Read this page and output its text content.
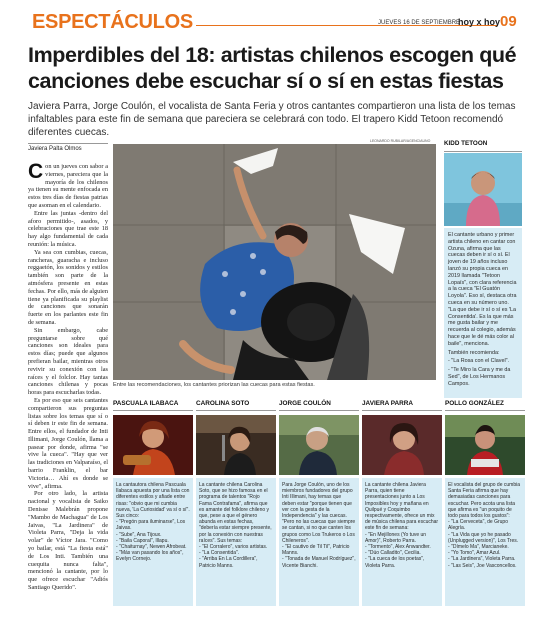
ESPECTÁCULOS	JUEVES 16 DE SEPTIEMBRE
hoy x hoy 09
Imperdibles del 18: artistas chilenos escogen qué
canciones debe escuchar sí o sí en estas fiestas
Javiera Parra, Jorge Coulón, el vocalista de Santa Feria y otros cantantes compartieron una lista de los temas infaltables para este fin de semana que pareciera se celebrará con todo. El trapero Kidd Tetoon recomendó diferentes cuecas.
Javiera Palta Olmos

Con un jueves con sabor a viernes, pareciera que la mayoría de los chilenos ya tienen su mente enfocada en estos tres días de fiestas patrias que asoman en el calendario.

Entre las juntas -dentro del aforo permitido-, asados, y celebraciones que trae este 18 hay algo fundamental de cada reunión: la música.

Ya sea con cumbias, cuecas, rancheras, guaracha e incluso reggaetón, los sonidos y estilos también son parte de la atmósfera presente en estas fechas. Por ello, más de alguien tiene ya planificada su playlist de canciones que sonarán fuerte en los parlantes este fin de semana.

Sin embargo, cabe preguntarse sobre qué canciones son ideales para estos días; puede que algunos prefieran bailar, mientras otros revivir su conexión con las raíces y el folclor. Hay tantas canciones chilenas y pocas horas para escucharlas todas.

Es por eso que seis cantantes compartieron sus preguntas listas sobre los temas que sí o sí deben ir este fin de semana. Entre ellos, el fundador de Inti Illimani, Jorge Coulón, llama a pasear por donde, afirma "se vive la cueca". "Hay que ver las tradiciones en Valparaíso, el barrio Franklin, el bar Victoria… Ahí es donde se vive", afirma.

Por otro lado, la artista nacional y vocalista de Saiko Denisse Malebrán propone "Mambo de Machagua" de Los Jaivas, "La Jardinera" de Violeta Parra, "Deja la vida volar" de Víctor Jara. "Como yo bailar, está "La fiesta está" de Los Inti. También una cuequita nunca falta", mencionó la cantante, por lo que ofrece escuchar "Adiós Santiago Querido".

LEONARDO RUBILAR/AGENCIAUNO
Entre las recomendaciones, los cantantes priorizan las cuecas para estas fiestas.
KIDD TETOON

El cantante urbano y primer artista chileno en cantar con Ozuna, afirma que las cuecas deben ir sí o sí. El joven de 19 años incluso lanzó su propia cueca en 2019 llamada "Tetoon Lopaís", con clara referencia a la cueca "El Guatón Loyola". Eso sí, destaca otra cueca en su número uno. "La que debe ir sí o sí es 'La Consentida'. Es la que más me gusta bailar y me recuerda al colegio, además hace que le dé más color al baile", menciona.

También recomienda:

- "La Rosa con el Clavel".

- "Te Miro la Cara y me da Sed", de Los Hermanos Campos.

PASCUALA ILABACA
La cantautora chilena Pascuala Ilabaca apuesta por una lista con diferentes estilos y afiade entre risas: "obvio que mi cumbia nueva, 'La Curiosidad' va sí o sí". Sus cinco:
- "Pregón para iluminarse", Los Jaivas.
- "Sube", Ana Tijoux.
- "Baila Caporal", Illapu.
- "Chaiturnay", Newen Afrobeat.
- "Más van pasando los años", Evelyn Cornejo.
CAROLINA SOTO
La cantante chilena Carolina Soto, que se hizo famosa en el programa de talentos "Rojo Fama Contrafama", afirma que es amante del folklore chileno y que, pese a que el género abunda en estas fechas, "debería estar siempre presente, por la conexión con nuestras raíces". Sus temas:
- "El Corralero", varios artistas.
- "La Consentida".
- "Arriba En La Cordillera", Patricio Manns.
JORGE COULÓN
Para Jorge Coulón, uno de los miembros fundadores del grupo Inti Illimani, hay temas que deben estar "porque tienen que ver con la gesta de la Independencia" y las cuecas. "Pero no las cuecas que siempre se cantan, si no que canten los grupos como Los Trukeros o Los Chileneros".
- "El cautivo de Til Til", Patricio Manns.
- "Tonada de Manuel Rodríguez", Vicente Bianchi.
JAVIERA PARRA
La cantante chilena Javiera Parra, quien tiene presentaciones junto a Los Imposibles hoy y mañana en Quilpué y Coquimbo respectivamente, ofrece un mix de música chilena para escuchar este fin de semana:
- "En Mejillones (Yo tuve un Amor)", Roberto Parra.
- "Tormento", Alex Anwandter.
- "Dúo Calladito", Cecilia.
- "La cueca de los poetas", Violeta Parra.
POLLO GONZÁLEZ
El vocalista del grupo de cumbia Santa Feria afirma que hay demasiadas canciones para escuchar. Pero acota una lista que afirma es "un poquito de todo para todos los gustos":
- "La Cerveceta", de Grupo Alegría.
- "La Vida que yo he pasado (Unplugged version)", Los Tres.
- "Dímelo Ma", Marcianeke.
- "Yo Tomo", Amar Azul.
- "La Jardinera", Violeta Parra.
- "Las Seis", Joe Vasconcellos.
